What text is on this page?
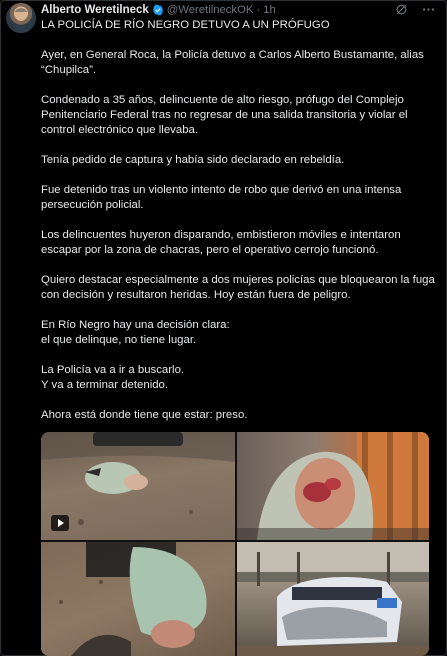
Alberto Weretilneck @WeretilneckOK · 1h

LA POLICÍA DE RÍO NEGRO DETUVO A UN PRÓFUGO

Ayer, en General Roca, la Policía detuvo a Carlos Alberto Bustamante, alias “Chupilca”.

Condenado a 35 años, delincuente de alto riesgo, prófugo del Complejo Penitenciario Federal tras no regresar de una salida transitoria y violar el control electrónico que llevaba.

Tenía pedido de captura y había sido declarado en rebeldía.

Fue detenido tras un violento intento de robo que derivó en una intensa persecución policial.

Los delincuentes huyeron disparando, embistieron móviles e intentaron escapar por la zona de chacras, pero el operativo cerrojo funcionó.

Quiero destacar especialmente a dos mujeres policías que bloquearon la fuga con decisión y resultaron heridas. Hoy están fuera de peligro.

En Río Negro hay una decisión clara:
el que delinque, no tiene lugar.

La Policía va a ir a buscarlo.
Y va a terminar detenido.

Ahora está donde tiene que estar: preso.
